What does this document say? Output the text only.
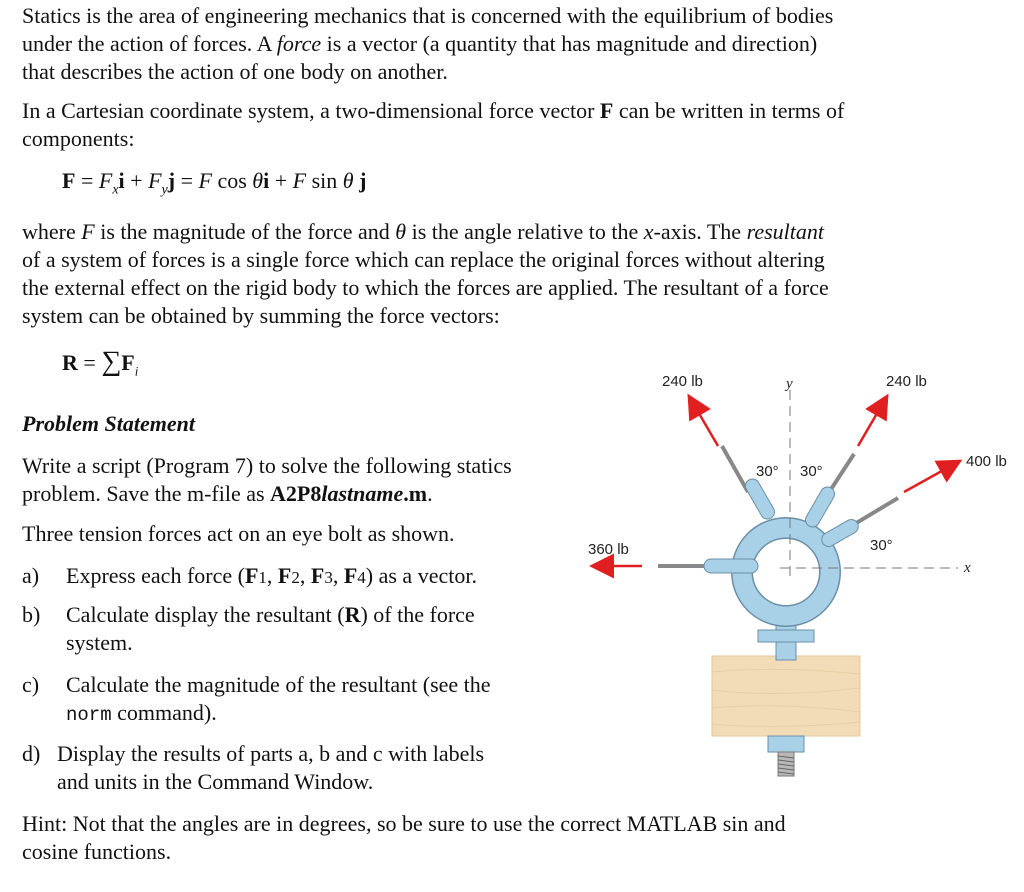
Statics is the area of engineering mechanics that is concerned with the equilibrium of bodies
under the action of forces. A force is a vector (a quantity that has magnitude and direction)
that describes the action of one body on another.
In a Cartesian coordinate system, a two-dimensional force vector F can be written in terms of
components:
$F = F_xi + F_yj = F$ cos θi + F sin θ j
where F is the magnitude of the force and θ is the angle relative to the x-axis. The resultant
of a system of forces is a single force which can replace the original forces without altering
the external effect on the rigid body to which the forces are applied. The resultant of a force
system can be obtained by summing the force vectors:
$R = \sum F_i$
Problem Statement
Write a script (Program 7) to solve the following statics
problem. Save the m-file as A2P8lastname.m.
Three tension forces act on an eye bolt as shown.
a) Express each force (F1, F2, F3, F4) as a vector.
b) Calculate display the resultant (R) of the force
system.
c) Calculate the magnitude of the resultant (see the
norm command).
d) Display the results of parts a, b and c with labels
and units in the Command Window.
Hint: Not that the angles are in degrees, so be sure to use the correct MATLAB sin and
cosine functions.
y
x
240 lb	240 lb
400 lb
360 lb
30° 30°
30°
